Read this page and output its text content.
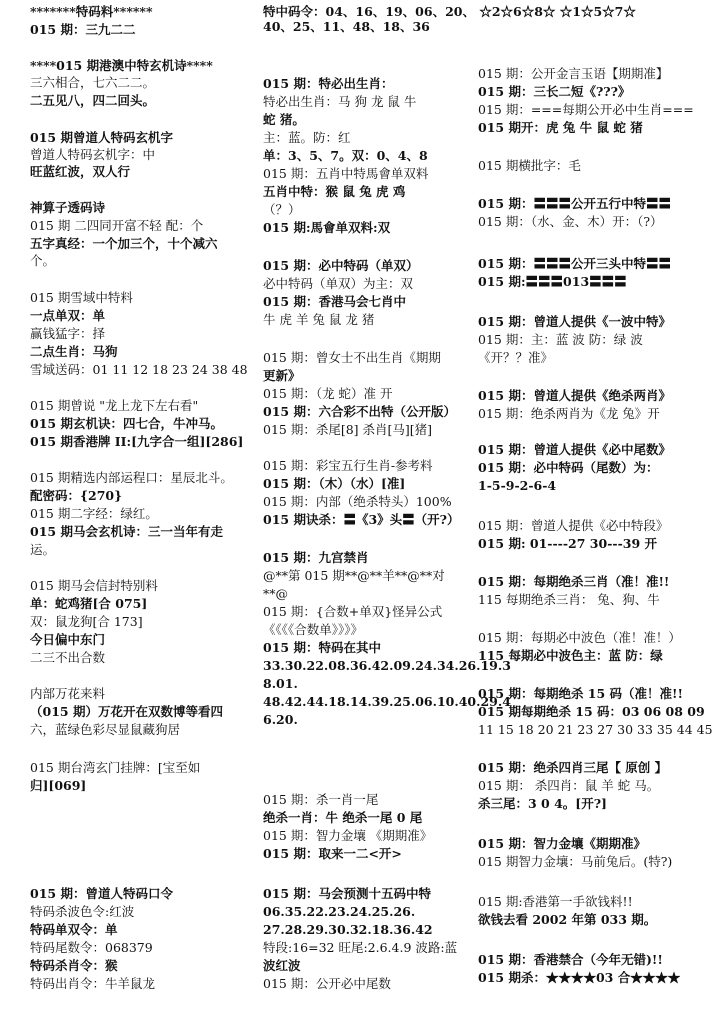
特中码令：04、16、19、06、20、 ☆2☆6☆8☆ ☆1☆5☆7☆
40、25、11、48、18、36
*******特码料******
015 期：三九二二
****015 期港澳中特玄机诗****
三六相合，七六二二。
二五见八，四二回头。
015 期曾道人特码玄机字
曾道人特码玄机字：中
旺蓝红波，双人行
神算子透码诗
015 期 二四同开富不轻 配：个
五字真经：一个加三个，十个减六
个。
015 期雪域中特料
一点单双：单
赢钱猛字：择
二点生肖：马狗
雪域送码：01 11 12 18 23 24 38 48
015 期曾说 "龙上龙下左右看"
015 期玄机诀：四七合，牛冲马。
015 期香港牌 II:[九字合一组][286]
015 期精选内部运程口：星辰北斗。
配密码：{270}
015 期二字经：绿红。
015 期马会玄机诗：三一当年有走
运。
015 期马会信封特别料
单：蛇鸡猪[合 075]
双：鼠龙狗[合 173]
今日偏中东门
二三不出合数
内部万花来料
（015 期）万花开在双数博等看四
六，蓝绿色彩尽显鼠藏狗居
015 期台湾玄门挂牌：[宝至如
归][069]
015 期：曾道人特码口令
特码杀波色令:红波
特码单双令：单
特码尾数令：068379
特码杀肖令：猴
特码出肖令：牛羊鼠龙
015 期：特必出生肖：
特必出生肖：马 狗 龙 鼠 牛
蛇 猪。
主：蓝。防：红
单：3、5、7。双：0、4、8
015 期：五肖中特馬會单双料
五肖中特：猴 鼠 兔 虎 鸡
（？）
015 期:馬會单双料:双
015 期：必中特码（单双）
必中特码（单双）为主：双
015 期：香港马会七肖中
牛 虎 羊 兔 鼠 龙 猪
015 期：曾女士不出生肖《期期
更新》
015 期：（龙 蛇）准 开
015 期：六合彩不出特（公开版）
015 期：杀尾[8] 杀肖[马][猪]
015 期：彩宝五行生肖-参考料
015 期：（木）（水）[准]
015 期：内部（绝杀特头）100%
015 期诀杀：〓《3》头〓（开?）
015 期：九宫禁肖
@**第 015 期**@**羊**@**对
**@
015 期：{合数+单双}怪异公式
《《《《合数单》》》》
015 期：特码在其中
33.30.22.08.36.42.09.24.34.26.19.3
8.01.
48.42.44.18.14.39.25.06.10.40.29.4
6.20.
015 期：杀一肖一尾
绝杀一肖：牛 绝杀一尾 0 尾
015 期：智力金壤 《期期准》
015 期：取来一二<开>
015 期：马会预测十五码中特
06.35.22.23.24.25.26.
27.28.29.30.32.18.36.42
特段:16=32 旺尾:2.6.4.9 波路:蓝
波红波
015 期：公开必中尾数
015 期：公开金言玉语【期期准】
015 期：三长二短《???》
015 期：===每期公开必中生肖===
015 期开：虎 兔 牛 鼠 蛇 猪
015 期横批字：毛
015 期：〓〓〓公开五行中特〓〓
015 期：（水、金、木）开：（?）
015 期：〓〓〓公开三头中特〓〓
015 期:〓〓〓013〓〓〓
015 期：曾道人提供《一波中特》
015 期：主：蓝 波 防：绿 波
《开？？准》
015 期：曾道人提供《绝杀两肖》
015 期：绝杀两肖为《龙 兔》开
015 期：曾道人提供《必中尾数》
015 期：必中特码（尾数）为：
1-5-9-2-6-4
015 期：曾道人提供《必中特段》
015 期: 01----27 30---39 开
015 期：每期绝杀三肖（准！准!!
115 每期绝杀三肖： 兔、狗、牛
015 期：每期必中波色（准！准！）
115 每期必中波色主：蓝 防：绿
015 期：每期绝杀 15 码（准！准!!
015 期每期绝杀 15 码：03 06 08 09
11 15 18 20 21 23 27 30 33 35 44 45
015 期：绝杀四肖三尾【 原创 】
015 期： 杀四肖：鼠 羊 蛇 马。
杀三尾：3 0 4。[开?]
015 期：智力金壤《期期准》
015 期智力金壤：马前兔后。(特?)
015 期:香港第一手欲钱料!!
欲钱去看 2002 年第 033 期。
015 期：香港禁合（今年无错)!!
015 期杀：★★★★03 合★★★★
